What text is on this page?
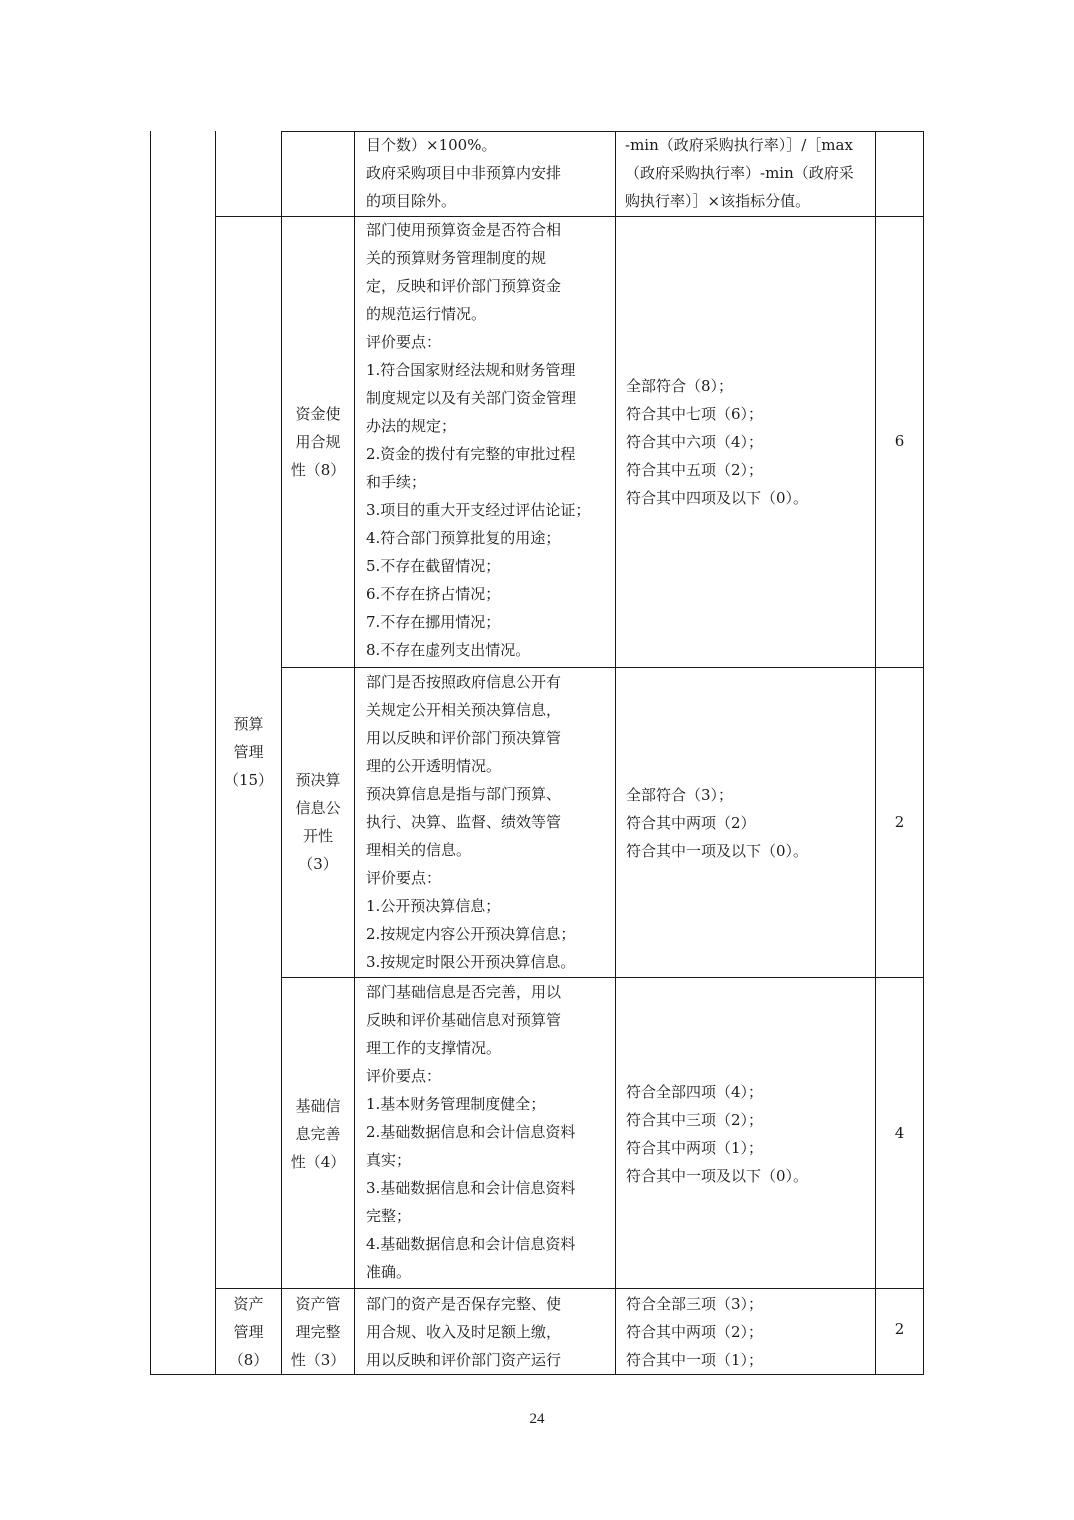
目个数）×100%。

政府采购项目中非预算内安排

的项目除外。

-min（政府采购执行率）］/［max

（政府采购执行率）-min（政府采

购执行率）］×该指标分值。

预算

管理

（15）

资产

管理

（8）

资金使

用合规

性（8）

部门使用预算资金是否符合相

关的预算财务管理制度的规

定，反映和评价部门预算资金

的规范运行情况。

评价要点：

1.符合国家财经法规和财务管理

制度规定以及有关部门资金管理

办法的规定；

2.资金的拨付有完整的审批过程

和手续；

3.项目的重大开支经过评估论证；

4.符合部门预算批复的用途；

5.不存在截留情况；

6.不存在挤占情况；

7.不存在挪用情况；

8.不存在虚列支出情况。

全部符合（8）；

符合其中七项（6）；

符合其中六项（4）；

符合其中五项（2）；

符合其中四项及以下（0）。

6

预决算

信息公

开性

（3）

部门是否按照政府信息公开有

关规定公开相关预决算信息，

用以反映和评价部门预决算管

理的公开透明情况。

预决算信息是指与部门预算、

执行、决算、监督、绩效等管

理相关的信息。

评价要点：

1.公开预决算信息；

2.按规定内容公开预决算信息；

3.按规定时限公开预决算信息。

全部符合（3）；

符合其中两项（2）

符合其中一项及以下（0）。

2

基础信

息完善

性（4）

部门基础信息是否完善，用以

反映和评价基础信息对预算管

理工作的支撑情况。

评价要点：

1.基本财务管理制度健全；

2.基础数据信息和会计信息资料

真实；

3.基础数据信息和会计信息资料

完整；

4.基础数据信息和会计信息资料

准确。

符合全部四项（4）；

符合其中三项（2）；

符合其中两项（1）；

符合其中一项及以下（0）。

4

资产管

理完整

性（3）

部门的资产是否保存完整、使

用合规、收入及时足额上缴，

用以反映和评价部门资产运行

符合全部三项（3）；

符合其中两项（2）；

符合其中一项（1）；

2
24
